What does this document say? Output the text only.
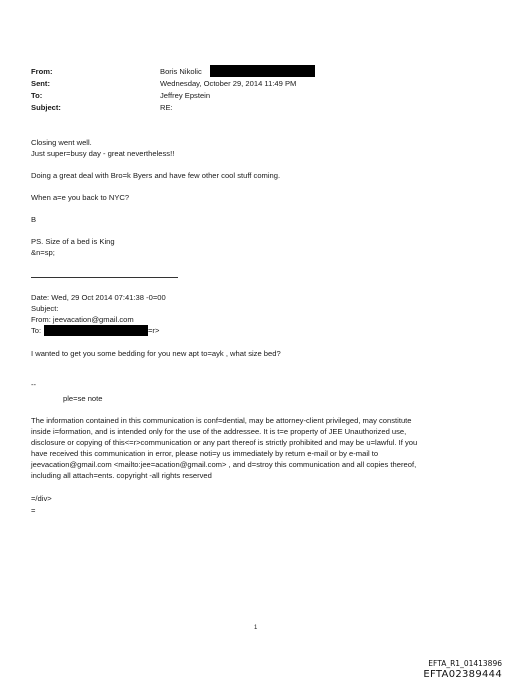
From:	Boris Nikolic
Sent:	Wednesday, October 29, 2014 11:49 PM
To:	Jeffrey Epstein
Subject:	RE:
Closing went well.
Just super=busy day - great nevertheless!!
Doing a great deal with Bro=k Byers and have few other cool stuff coming.
When a=e you back to NYC?
B
PS. Size of a bed is King
&n=sp;
Date: Wed, 29 Oct 2014 07:41:38 -0=00
Subject:
From: jeevacation@gmail.com
To:	=r>
I wanted to get you some bedding for you new apt to=ayk , what size bed?
--
ple=se note
The information contained in this communication is conf=dential, may be attorney-client privileged, may constitute
inside i=formation, and is intended only for the use of the addressee. It is t=e property of JEE Unauthorized use,
disclosure or copying of this<=r>communication or any part thereof is strictly prohibited and may be u=lawful. If you
have received this communication in error, please noti=y us immediately by return e-mail or by e-mail to
jeevacation@gmail.com <mailto:jee=acation@gmail.com> , and d=stroy this communication and all copies thereof,
including all attach=ents. copyright -all rights reserved
=/div>
=
1
EFTA_R1_01413896
EFTA02389444
